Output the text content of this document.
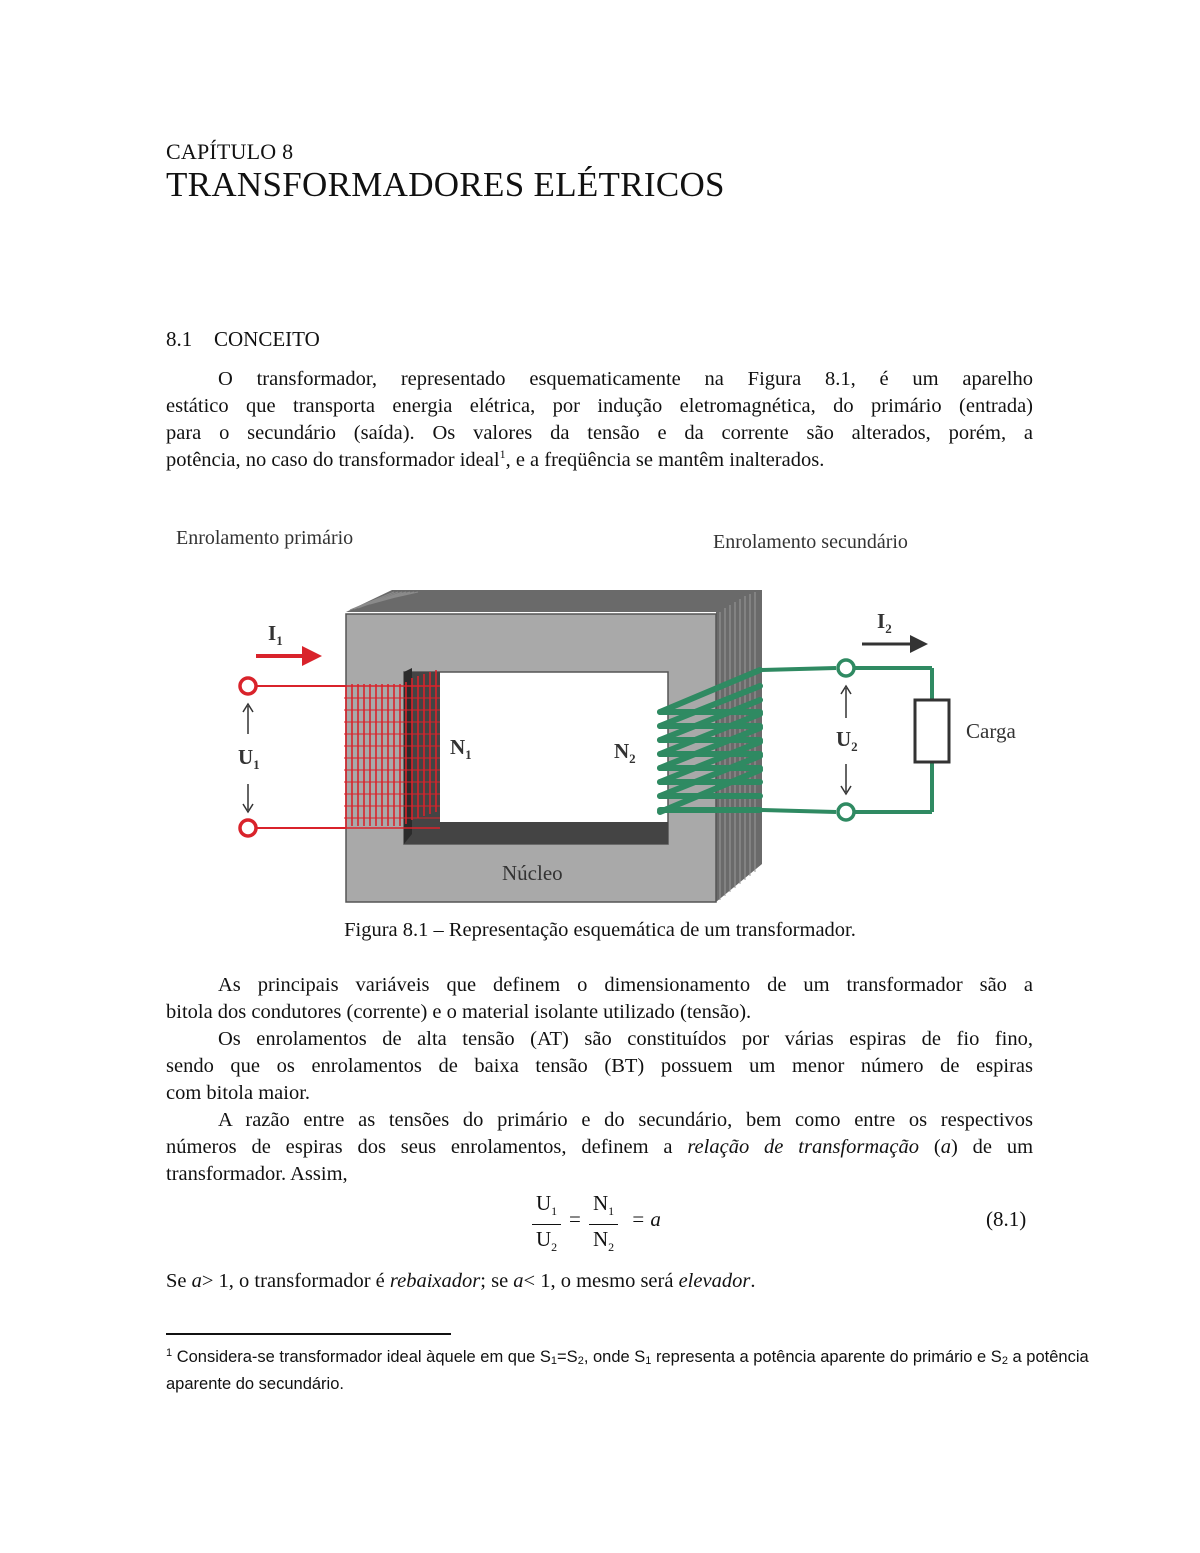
CAPÍTULO 8
TRANSFORMADORES ELÉTRICOS
8.1 CONCEITO
O transformador, representado esquematicamente na Figura 8.1, é um aparelho
estático que transporta energia elétrica, por indução eletromagnética, do primário (entrada)
para o secundário (saída). Os valores da tensão e da corrente são alterados, porém, a
potência, no caso do transformador ideal$^1$, e a freqüência se mantêm inalterados.
Enrolamento primário	Enrolamento secundário
Núcleo
$I_1$
$U_1$
$N_1$	$N_2$
Carga
$I_2$
$U_2$
Figura 8.1 – Representação esquemática de um transformador.
As principais variáveis que definem o dimensionamento de um transformador são a
bitola dos condutores (corrente) e o material isolante utilizado (tensão).
Os enrolamentos de alta tensão (AT) são constituídos por várias espiras de fio fino,
sendo que os enrolamentos de baixa tensão (BT) possuem um menor número de espiras
com bitola maior.
A razão entre as tensões do primário e do secundário, bem como entre os respectivos
números de espiras dos seus enrolamentos, definem a relação de transformação (a) de um
transformador. Assim,
$\frac{U_1}{U_2} = \frac{N_1}{N_2} = a$	(8.1)
Se a> 1, o transformador é rebaixador; se a< 1, o mesmo será elevador.
$^1$ Considera-se transformador ideal àquele em que $S_1=S_2$, onde $S_1$ representa a potência aparente do primário e $S_2$ a potência
aparente do secundário.
